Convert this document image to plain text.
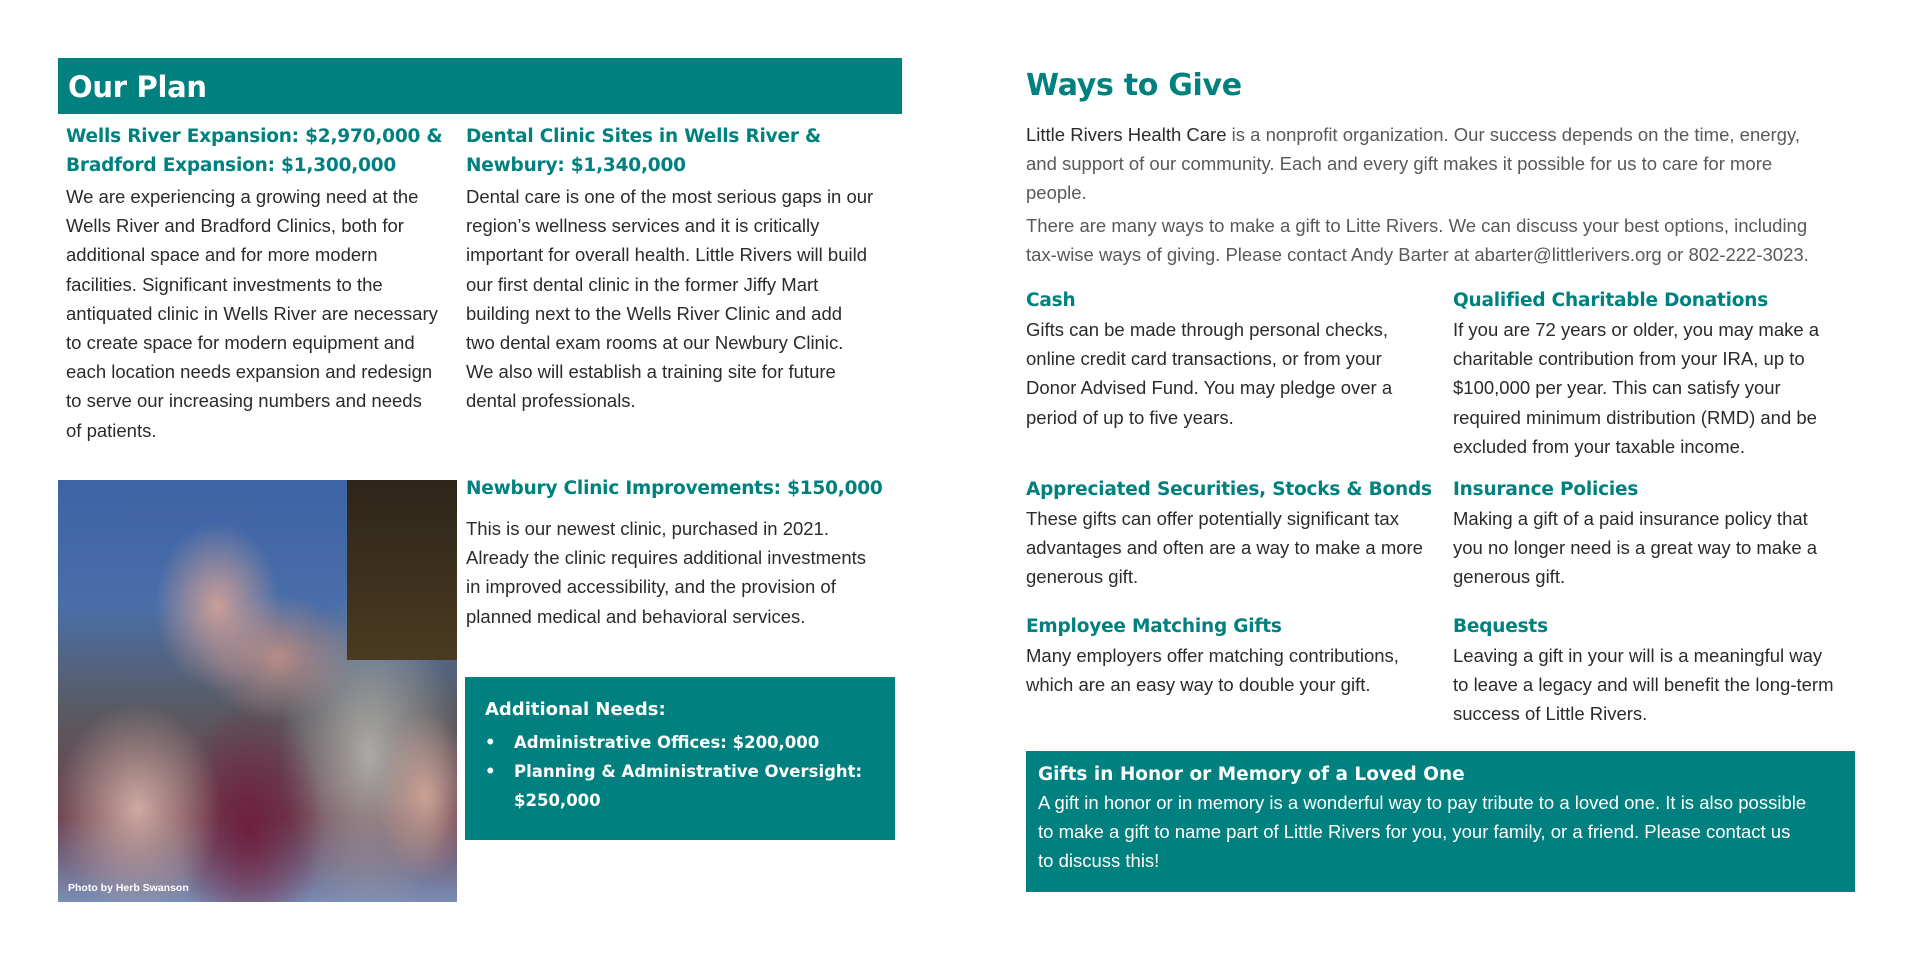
Our Plan

Wells River Expansion: $2,970,000 &
Bradford Expansion: $1,300,000

We are experiencing a growing need at the
Wells River and Bradford Clinics, both for
additional space and for more modern
facilities. Significant investments to the
antiquated clinic in Wells River are necessary
to create space for modern equipment and
each location needs expansion and redesign
to serve our increasing numbers and needs
of patients.

Dental Clinic Sites in Wells River &
Newbury: $1,340,000

Dental care is one of the most serious gaps in our
region’s wellness services and it is critically
important for overall health. Little Rivers will build
our first dental clinic in the former Jiffy Mart
building next to the Wells River Clinic and add
two dental exam rooms at our Newbury Clinic.
We also will establish a training site for future
dental professionals.

Photo by Herb Swanson

Newbury Clinic Improvements: $150,000

This is our newest clinic, purchased in 2021.
Already the clinic requires additional investments
in improved accessibility, and the provision of
planned medical and behavioral services.

Additional Needs:

• Administrative Offices: $200,000
• Planning & Administrative Oversight:
$250,000
Ways to Give

Little Rivers Health Care is a nonprofit organization. Our success depends on the time, energy,
and support of our community. Each and every gift makes it possible for us to care for more
people.

There are many ways to make a gift to Litte Rivers. We can discuss your best options, including
tax-wise ways of giving. Please contact Andy Barter at abarter@littlerivers.org or 802-222-3023.

Cash

Gifts can be made through personal checks,
online credit card transactions, or from your
Donor Advised Fund. You may pledge over a
period of up to five years.

Qualified Charitable Donations

If you are 72 years or older, you may make a
charitable contribution from your IRA, up to
$100,000 per year. This can satisfy your
required minimum distribution (RMD) and be
excluded from your taxable income.

Appreciated Securities, Stocks & Bonds

These gifts can offer potentially significant tax
advantages and often are a way to make a more
generous gift.

Insurance Policies

Making a gift of a paid insurance policy that
you no longer need is a great way to make a
generous gift.

Employee Matching Gifts

Many employers offer matching contributions,
which are an easy way to double your gift.

Bequests

Leaving a gift in your will is a meaningful way
to leave a legacy and will benefit the long-term
success of Little Rivers.

Gifts in Honor or Memory of a Loved One

A gift in honor or in memory is a wonderful way to pay tribute to a loved one. It is also possible
to make a gift to name part of Little Rivers for you, your family, or a friend. Please contact us
to discuss this!
